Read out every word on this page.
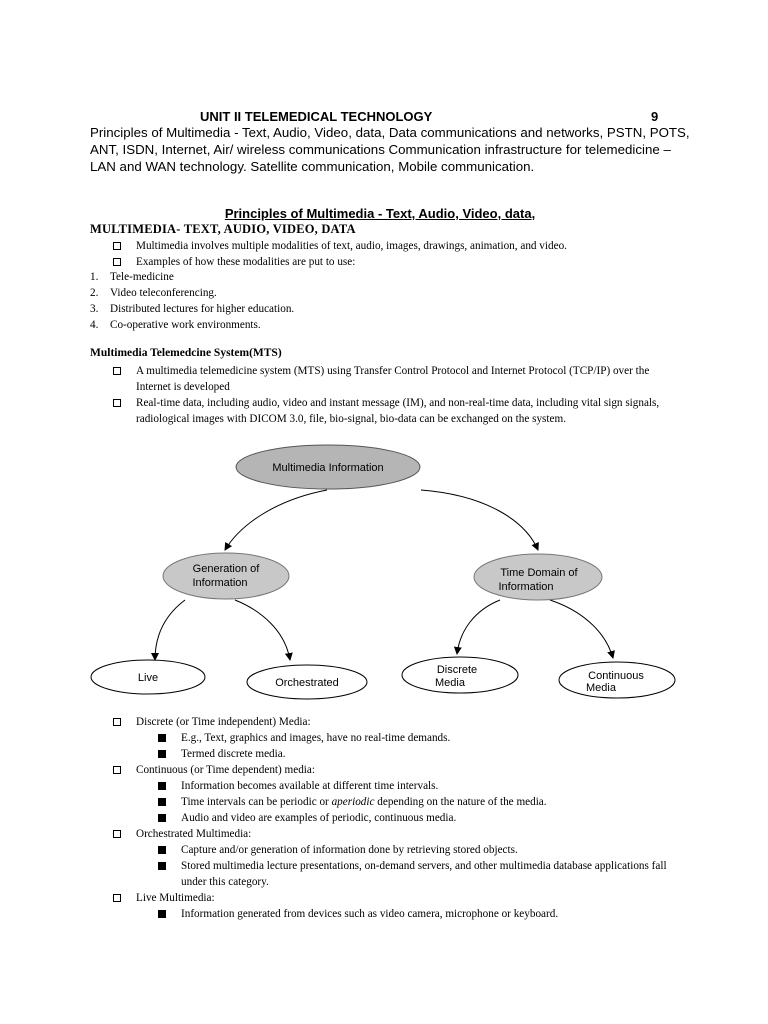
UNIT II TELEMEDICAL TECHNOLOGY	9
Principles of Multimedia - Text, Audio, Video, data, Data communications and networks, PSTN, POTS, ANT, ISDN, Internet, Air/ wireless communications Communication infrastructure for telemedicine – LAN and WAN technology. Satellite communication, Mobile communication.
Principles of Multimedia - Text, Audio, Video, data,
MULTIMEDIA- TEXT, AUDIO, VIDEO, DATA
Multimedia involves multiple modalities of text, audio, images, drawings, animation, and video.
Examples of how these modalities are put to use:
1. Tele-medicine
2. Video teleconferencing.
3. Distributed lectures for higher education.
4. Co-operative work environments.
Multimedia Telemedcine System(MTS)
A multimedia telemedicine system (MTS) using Transfer Control Protocol and Internet Protocol (TCP/IP) over the Internet is developed
Real-time data, including audio, video and instant message (IM), and non-real-time data, including vital sign signals, radiological images with DICOM 3.0, file, bio-signal, bio-data can be exchanged on the system.
Multimedia Information
Generation of
Information
Time Domain of
Information
Live	Orchestrated
Discrete
Media
Continuous
Media
Discrete (or Time independent) Media:
E.g., Text, graphics and images, have no real-time demands.
Termed discrete media.
Continuous (or Time dependent) media:
Information becomes available at different time intervals.
Time intervals can be periodic or aperiodic depending on the nature of the media.
Audio and video are examples of periodic, continuous media.
Orchestrated Multimedia:
Capture and/or generation of information done by retrieving stored objects.
Stored multimedia lecture presentations, on-demand servers, and other multimedia database applications fall under this category.
Live Multimedia:
Information generated from devices such as video camera, microphone or keyboard.
